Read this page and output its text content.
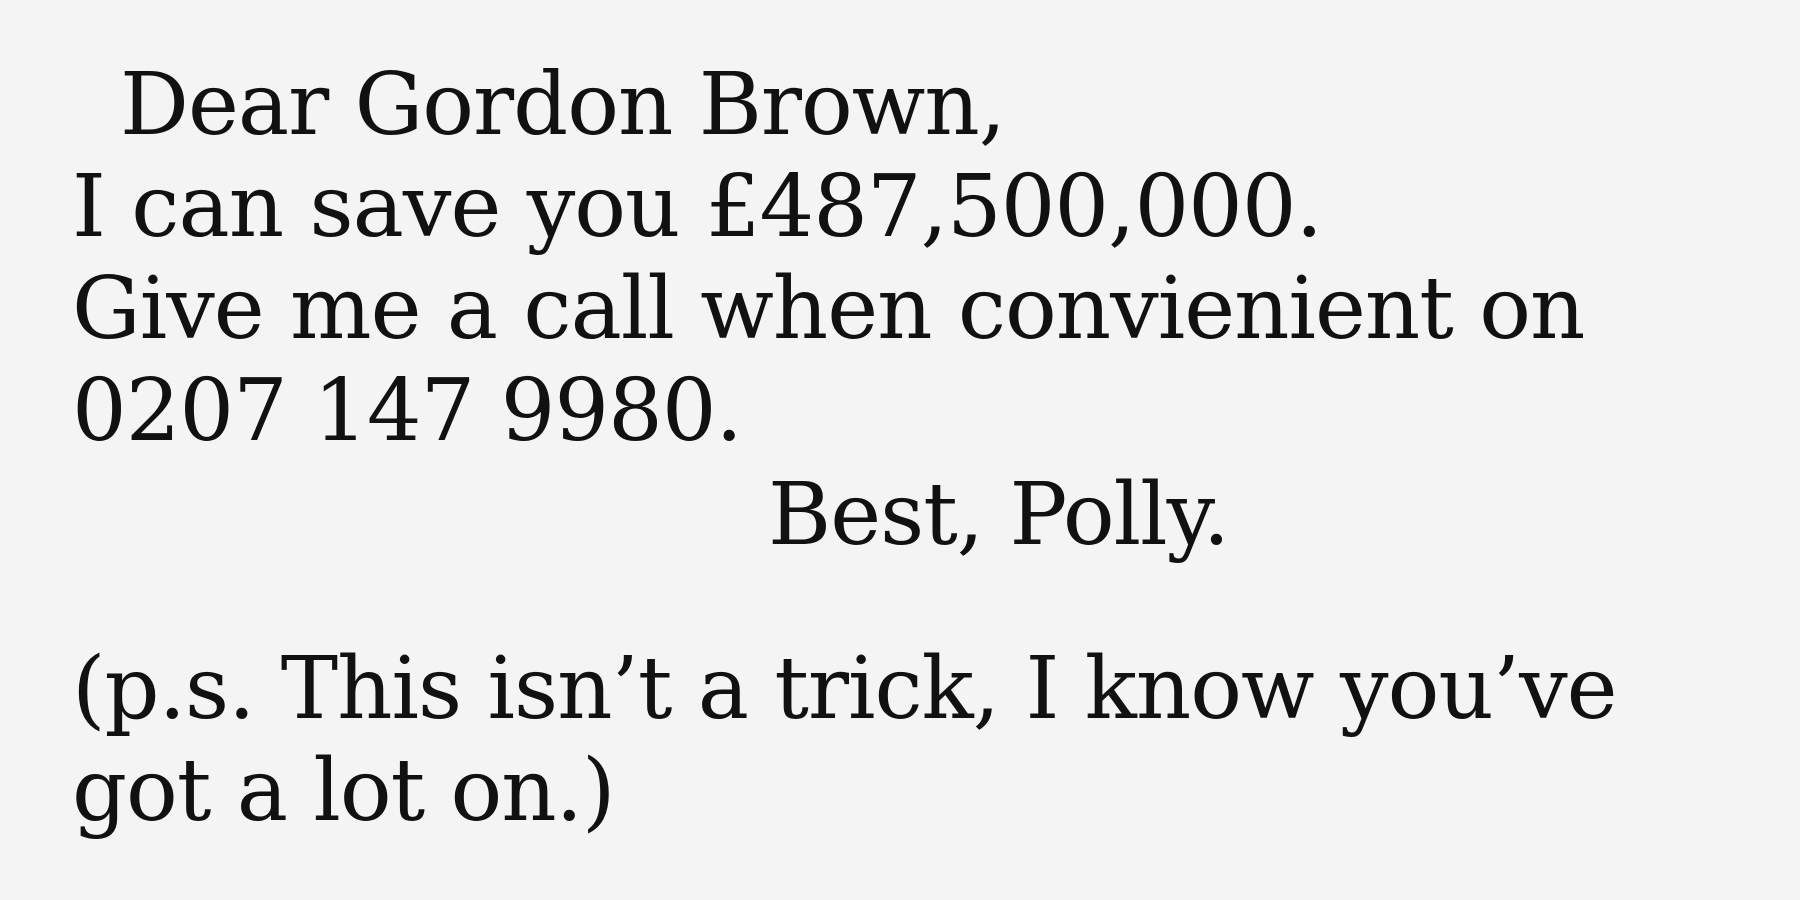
Dear Gordon Brown,

I can save you £487,500,000.

Give me a call when convienient on

0207 147 9980.

Best, Polly.

(p.s. This isn’t a trick, I know you’ve

got a lot on.)
